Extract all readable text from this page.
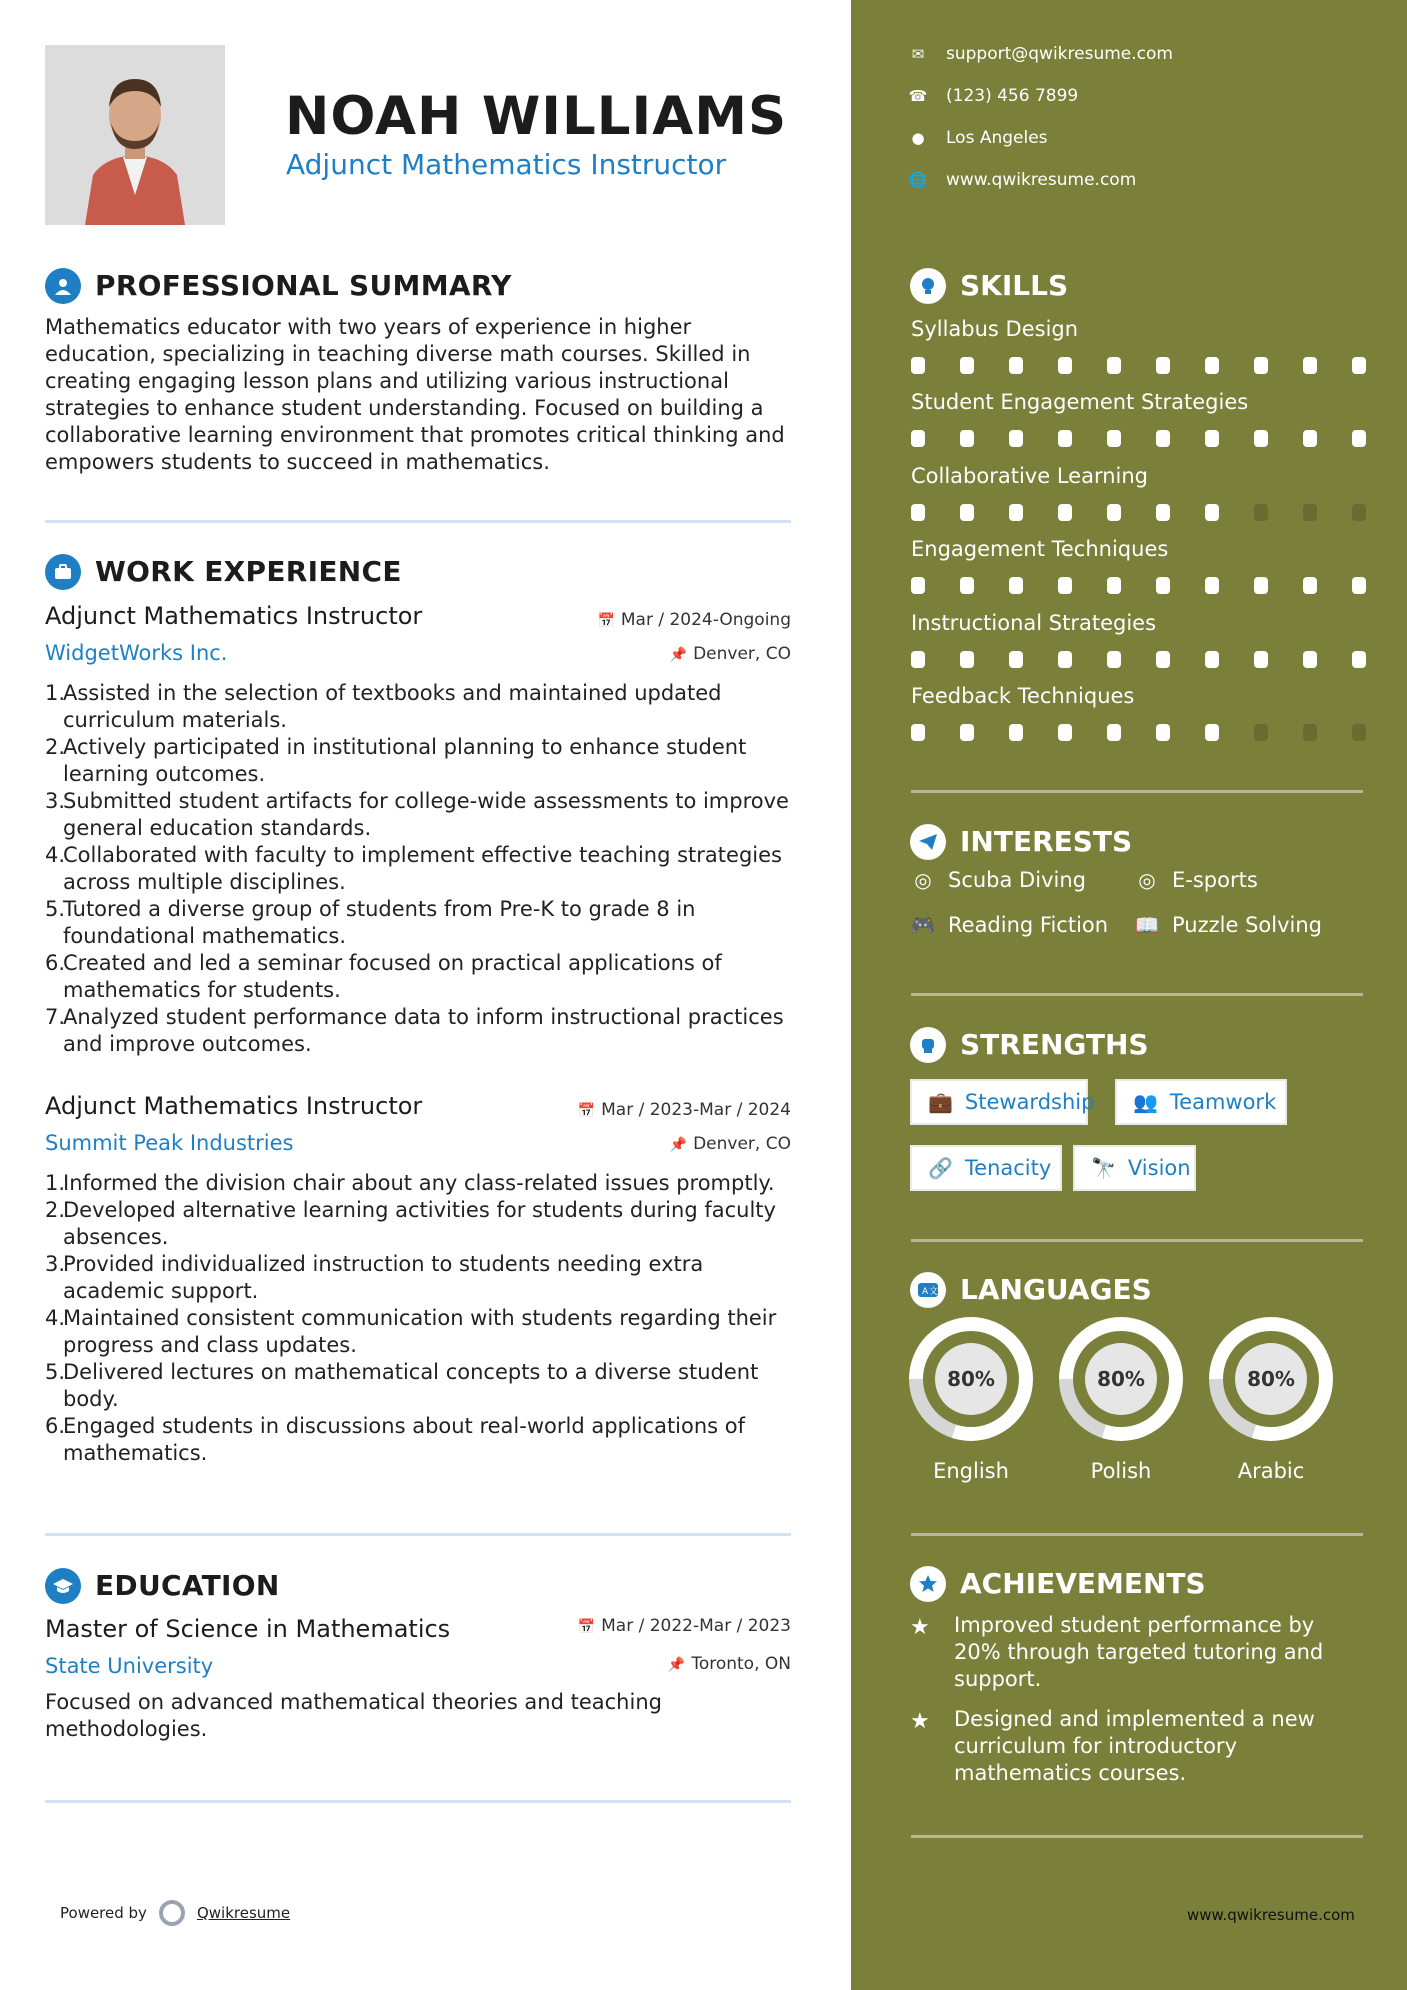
NOAH WILLIAMS
Adjunct Mathematics Instructor
PROFESSIONAL SUMMARY
Mathematics educator with two years of experience in higher education, specializing in teaching diverse math courses. Skilled in creating engaging lesson plans and utilizing various instructional strategies to enhance student understanding. Focused on building a collaborative learning environment that promotes critical thinking and empowers students to succeed in mathematics.
WORK EXPERIENCE
Adjunct Mathematics Instructor	📅 Mar / 2024-Ongoing
WidgetWorks Inc.	📌 Denver, CO
Assisted in the selection of textbooks and maintained updated curriculum materials.
Actively participated in institutional planning to enhance student learning outcomes.
Submitted student artifacts for college-wide assessments to improve general education standards.
Collaborated with faculty to implement effective teaching strategies across multiple disciplines.
Tutored a diverse group of students from Pre-K to grade 8 in foundational mathematics.
Created and led a seminar focused on practical applications of mathematics for students.
Analyzed student performance data to inform instructional practices and improve outcomes.
Adjunct Mathematics Instructor	📅 Mar / 2023-Mar / 2024
Summit Peak Industries	📌 Denver, CO
Informed the division chair about any class-related issues promptly.
Developed alternative learning activities for students during faculty absences.
Provided individualized instruction to students needing extra academic support.
Maintained consistent communication with students regarding their progress and class updates.
Delivered lectures on mathematical concepts to a diverse student body.
Engaged students in discussions about real-world applications of mathematics.
EDUCATION
Master of Science in Mathematics	📅 Mar / 2022-Mar / 2023
State University	📌 Toronto, ON
Focused on advanced mathematical theories and teaching methodologies.
Powered by	Qwikresume
✉ support@qwikresume.com
☎ (123) 456 7899
● Los Angeles
🌐 www.qwikresume.com
SKILLS
Syllabus Design
Student Engagement Strategies
Collaborative Learning
Engagement Techniques
Instructional Strategies
Feedback Techniques
INTERESTS
◎ Scuba Diving	◎ E-sports
🎮 Reading Fiction 📖 Puzzle Solving
STRENGTHS
💼 Stewardship 👥 Teamwork
🔗 Tenacity 🔭 Vision
A 文 LANGUAGES
80%
English
80%
Polish
80%
Arabic
ACHIEVEMENTS
★	Improved student performance by 20% through targeted tutoring and support.
★	Designed and implemented a new curriculum for introductory mathematics courses.
www.qwikresume.com
